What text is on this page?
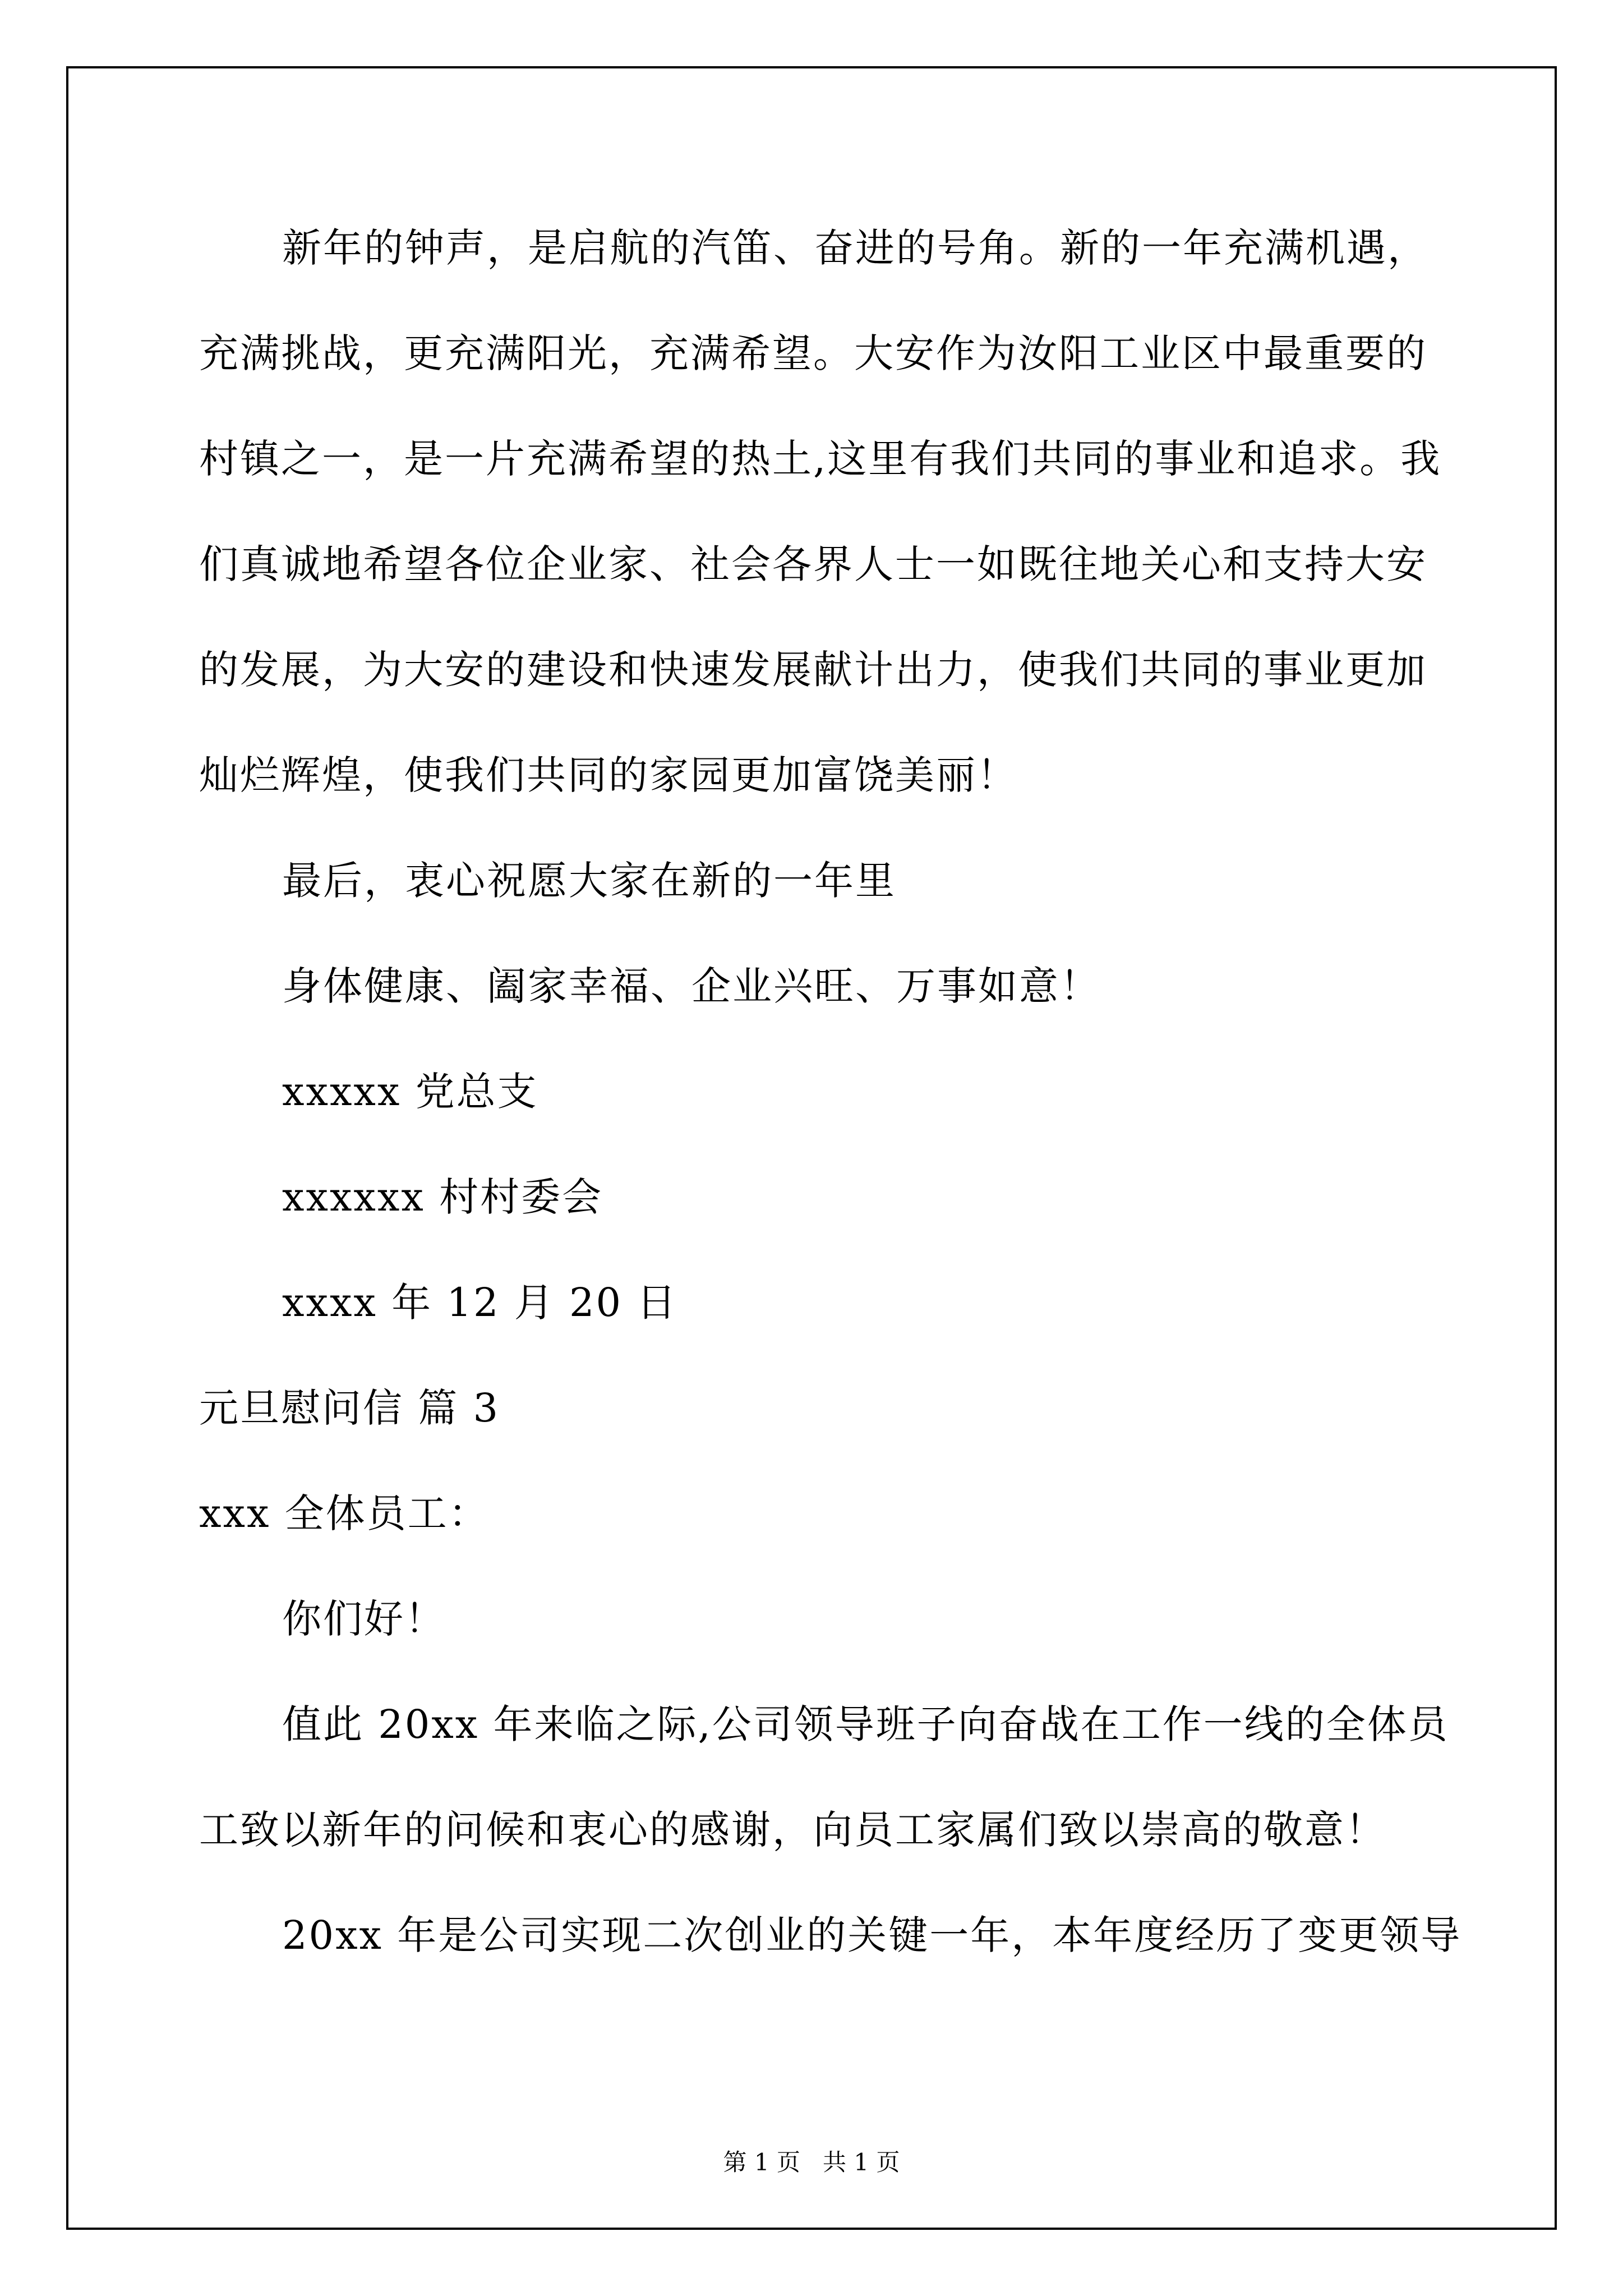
新年的钟声，是启航的汽笛、奋进的号角。新的一年充满机遇，
充满挑战，更充满阳光，充满希望。大安作为汝阳工业区中最重要的
村镇之一，是一片充满希望的热土,这里有我们共同的事业和追求。我
们真诚地希望各位企业家、社会各界人士一如既往地关心和支持大安
的发展，为大安的建设和快速发展献计出力，使我们共同的事业更加
灿烂辉煌，使我们共同的家园更加富饶美丽！
最后，衷心祝愿大家在新的一年里
身体健康、阖家幸福、企业兴旺、万事如意！
xxxxx 党总支
xxxxxx 村村委会
xxxx 年 12 月 20 日
元旦慰问信 篇 3
xxx 全体员工：
你们好！
值此 20xx 年来临之际,公司领导班子向奋战在工作一线的全体员
工致以新年的问候和衷心的感谢，向员工家属们致以崇高的敬意！
20xx 年是公司实现二次创业的关键一年，本年度经历了变更领导
第 1 页   共 1 页
